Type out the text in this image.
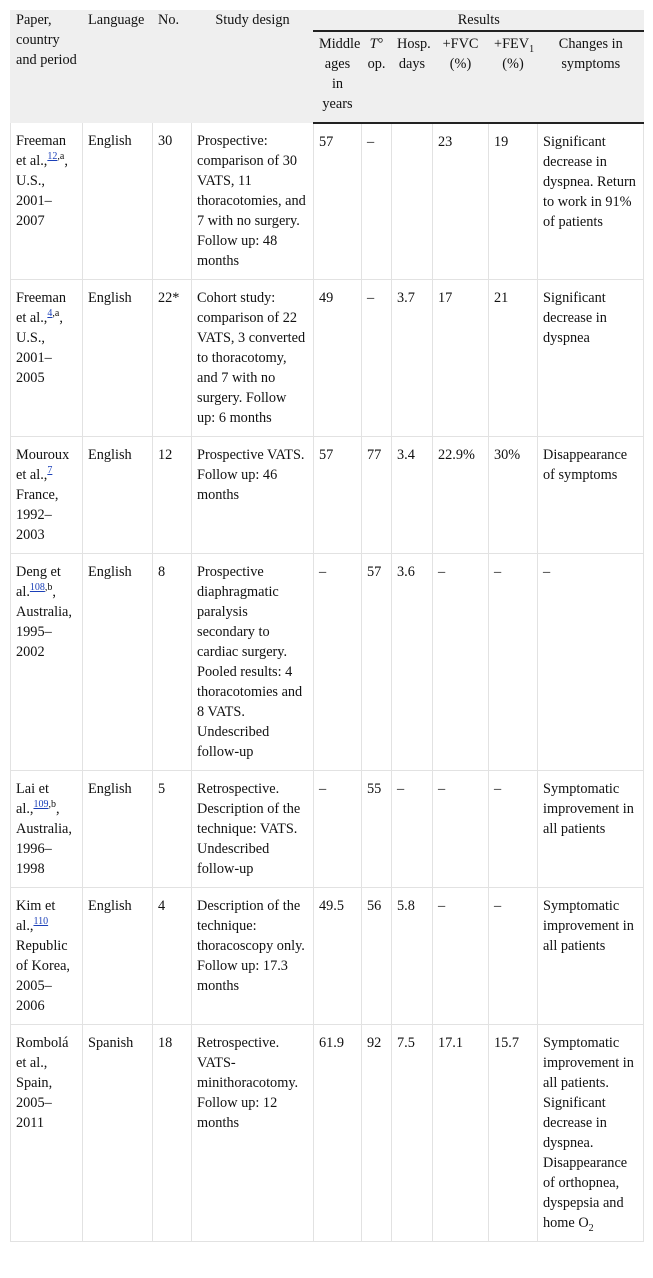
Paper, country and period	Language	No.	Study design	Results					
				Middle ages in years	T° op.	Hosp. days	+FVC (%)	$+FEV_1$ (%)	Changes in symptoms
Freeman et al.,$^{12,a}$, U.S., 2001–2007	English	30	Prospective: comparison of 30 VATS, 11 thoracotomies, and 7 with no surgery. Follow up: 48 months	57	–		23	19	Significant decrease in dyspnea. Return to work in 91% of patients
Freeman et al.,$^{4,a}$, U.S., 2001–2005	English	22*	Cohort study: comparison of 22 VATS, 3 converted to thoracotomy, and 7 with no surgery. Follow up: 6 months	49	–	3.7	17	21	Significant decrease in dyspnea
Mouroux et al.,$^7$ France, 1992–2003	English	12	Prospective VATS. Follow up: 46 months	57	77	3.4	22.9%	30%	Disappearance of symptoms
Deng et al.$^{108,b}$, Australia, 1995–2002	English	8	Prospective diaphragmatic paralysis secondary to cardiac surgery. Pooled results: 4 thoracotomies and 8 VATS. Undescribed follow-up	–	57	3.6	–	–	–
Lai et al.,$^{109,b}$, Australia, 1996–1998	English	5	Retrospective. Description of the technique: VATS. Undescribed follow-up	–	55	–	–	–	Symptomatic improvement in all patients
Kim et al.,$^{110}$ Republic of Korea, 2005–2006	English	4	Description of the technique: thoracoscopy only. Follow up: 17.3 months	49.5	56	5.8	–	–	Symptomatic improvement in all patients
Rombolá et al., Spain, 2005–2011	Spanish	18	Retrospective. VATS-minithoracotomy. Follow up: 12 months	61.9	92	7.5	17.1	15.7	Symptomatic improvement in all patients. Significant decrease in dyspnea. Disappearance of orthopnea, dyspepsia and home $O_2$
